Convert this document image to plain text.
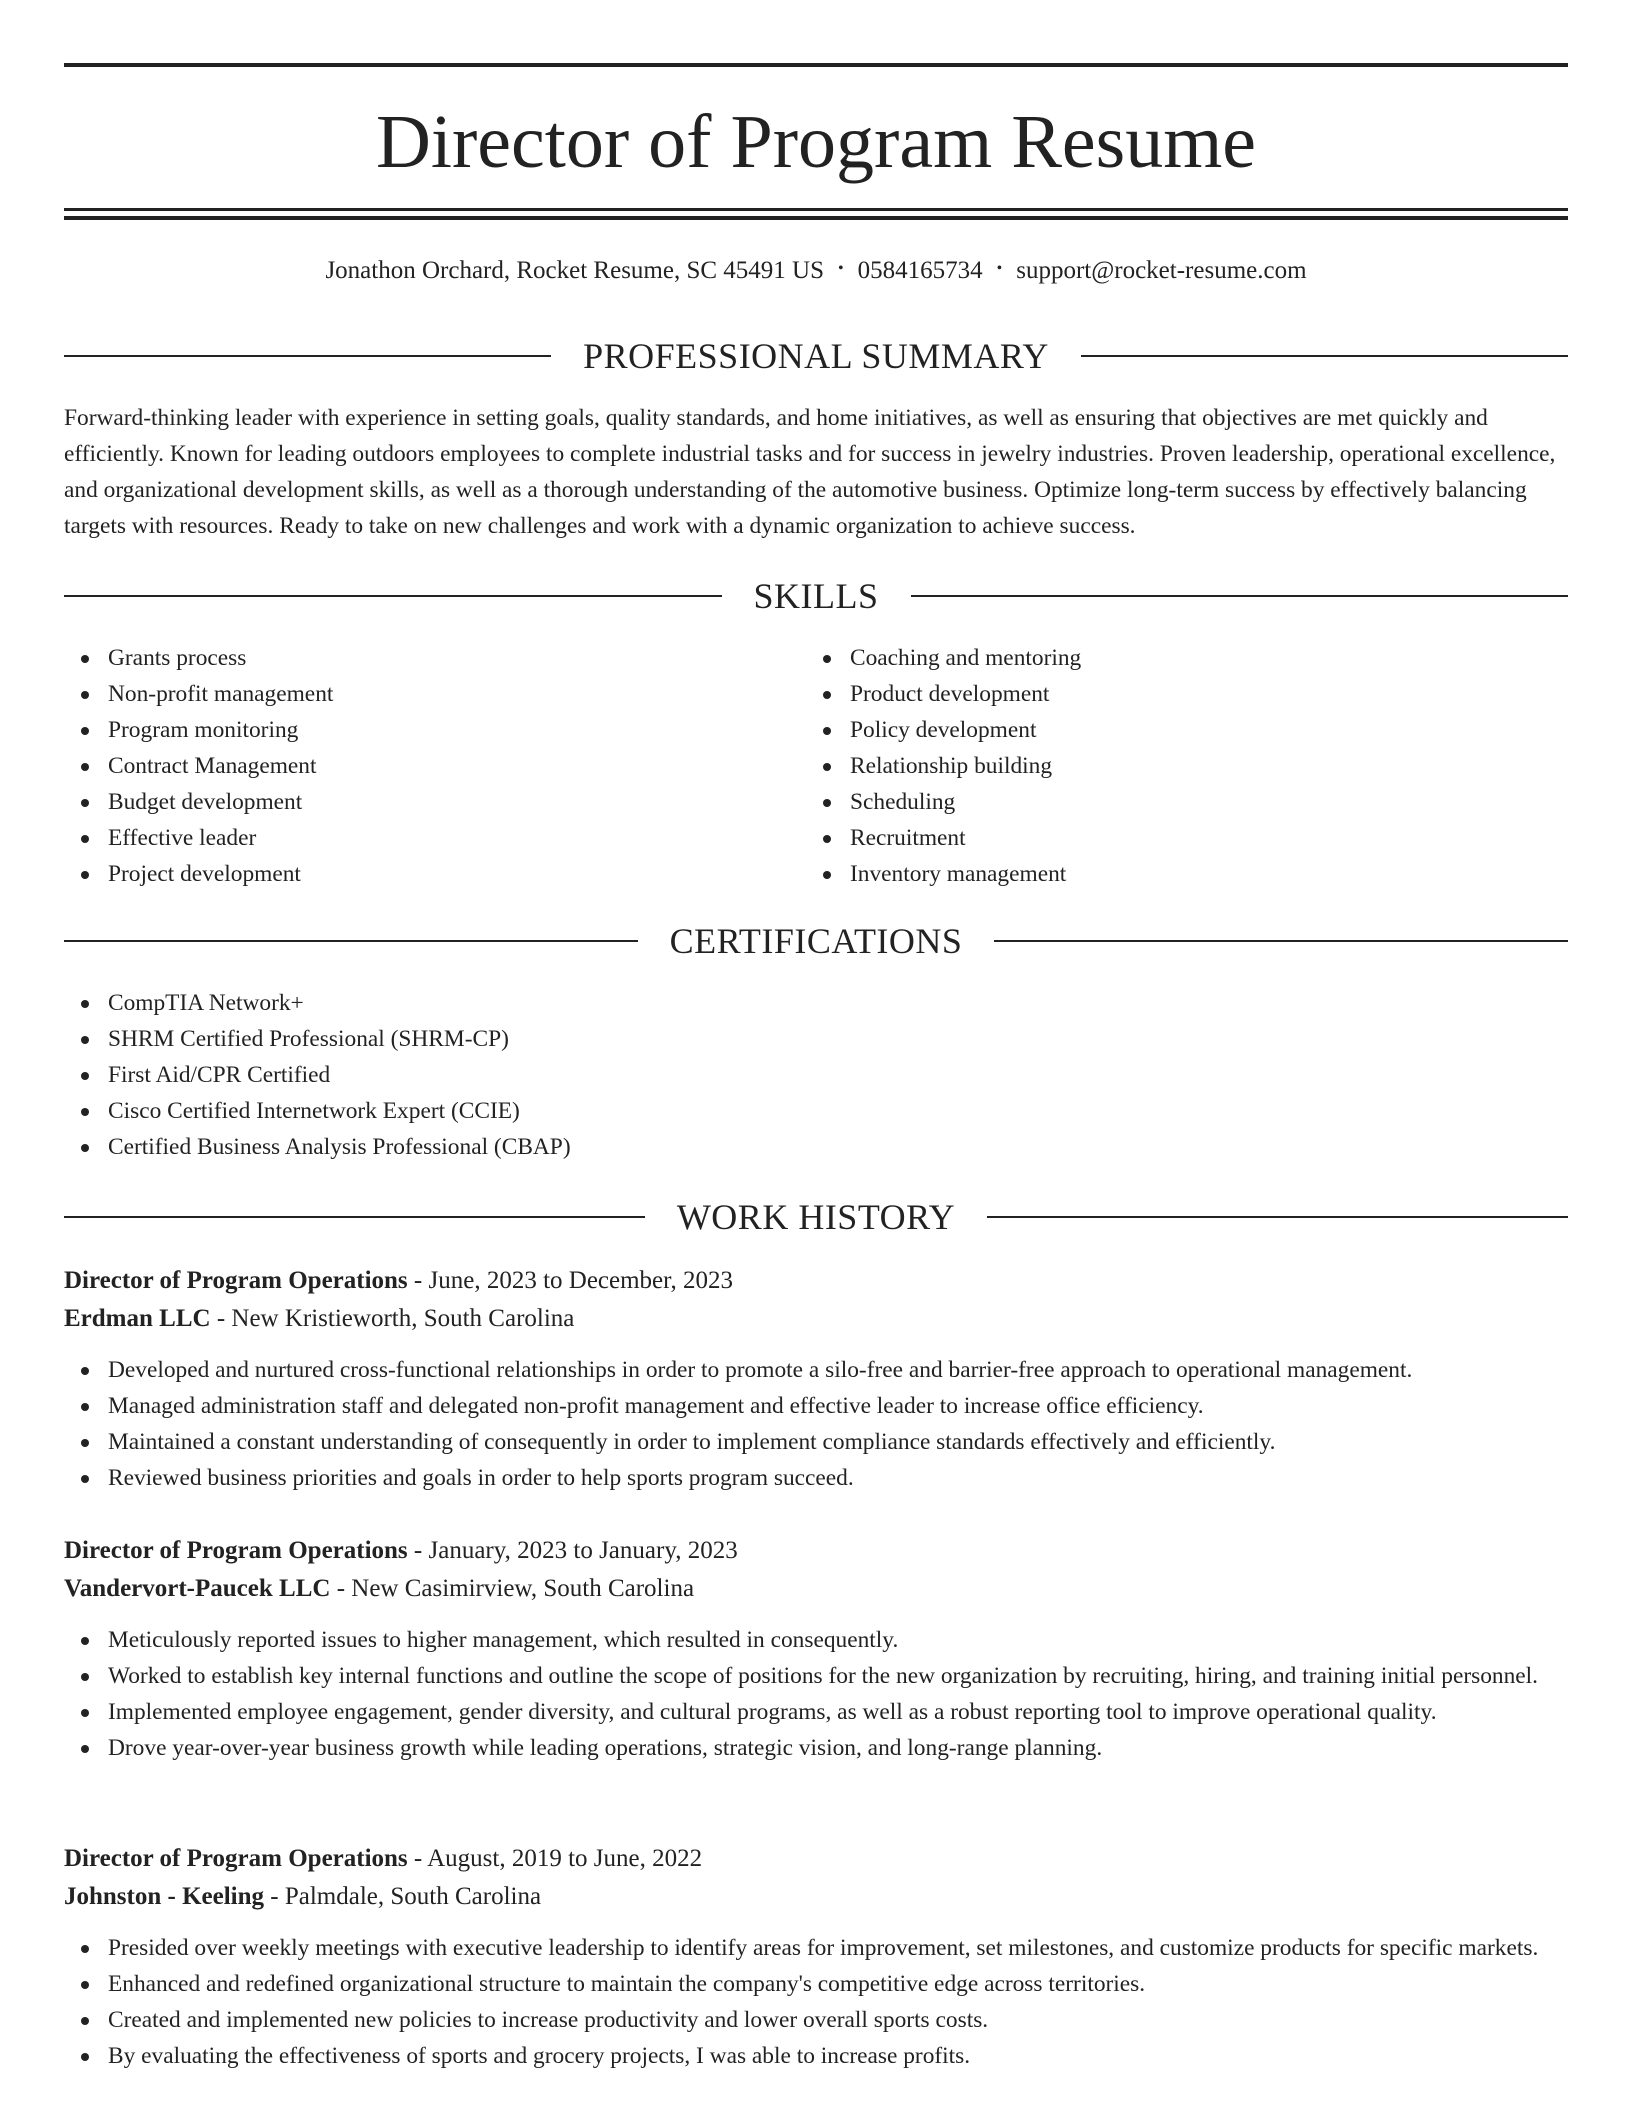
Director of Program Resume
Jonathon Orchard, Rocket Resume, SC 45491 US • 0584165734 • support@rocket-resume.com
PROFESSIONAL SUMMARY

Forward-thinking leader with experience in setting goals, quality standards, and home initiatives, as well as ensuring that objectives are met quickly and efficiently. Known for leading outdoors employees to complete industrial tasks and for success in jewelry industries. Proven leadership, operational excellence, and organizational development skills, as well as a thorough understanding of the automotive business. Optimize long-term success by effectively balancing targets with resources. Ready to take on new challenges and work with a dynamic organization to achieve success.

SKILLS
Grants process
Non-profit management
Program monitoring
Contract Management
Budget development
Effective leader
Project development
Coaching and mentoring
Product development
Policy development
Relationship building
Scheduling
Recruitment
Inventory management
CERTIFICATIONS
CompTIA Network+
SHRM Certified Professional (SHRM-CP)
First Aid/CPR Certified
Cisco Certified Internetwork Expert (CCIE)
Certified Business Analysis Professional (CBAP)
WORK HISTORY
Director of Program Operations - June, 2023 to December, 2023
Erdman LLC - New Kristieworth, South Carolina
Developed and nurtured cross-functional relationships in order to promote a silo-free and barrier-free approach to operational management.
Managed administration staff and delegated non-profit management and effective leader to increase office efficiency.
Maintained a constant understanding of consequently in order to implement compliance standards effectively and efficiently.
Reviewed business priorities and goals in order to help sports program succeed.
Director of Program Operations - January, 2023 to January, 2023
Vandervort-Paucek LLC - New Casimirview, South Carolina
Meticulously reported issues to higher management, which resulted in consequently.
Worked to establish key internal functions and outline the scope of positions for the new organization by recruiting, hiring, and training initial personnel.
Implemented employee engagement, gender diversity, and cultural programs, as well as a robust reporting tool to improve operational quality.
Drove year-over-year business growth while leading operations, strategic vision, and long-range planning.
Director of Program Operations - August, 2019 to June, 2022
Johnston - Keeling - Palmdale, South Carolina
Presided over weekly meetings with executive leadership to identify areas for improvement, set milestones, and customize products for specific markets.
Enhanced and redefined organizational structure to maintain the company's competitive edge across territories.
Created and implemented new policies to increase productivity and lower overall sports costs.
By evaluating the effectiveness of sports and grocery projects, I was able to increase profits.
